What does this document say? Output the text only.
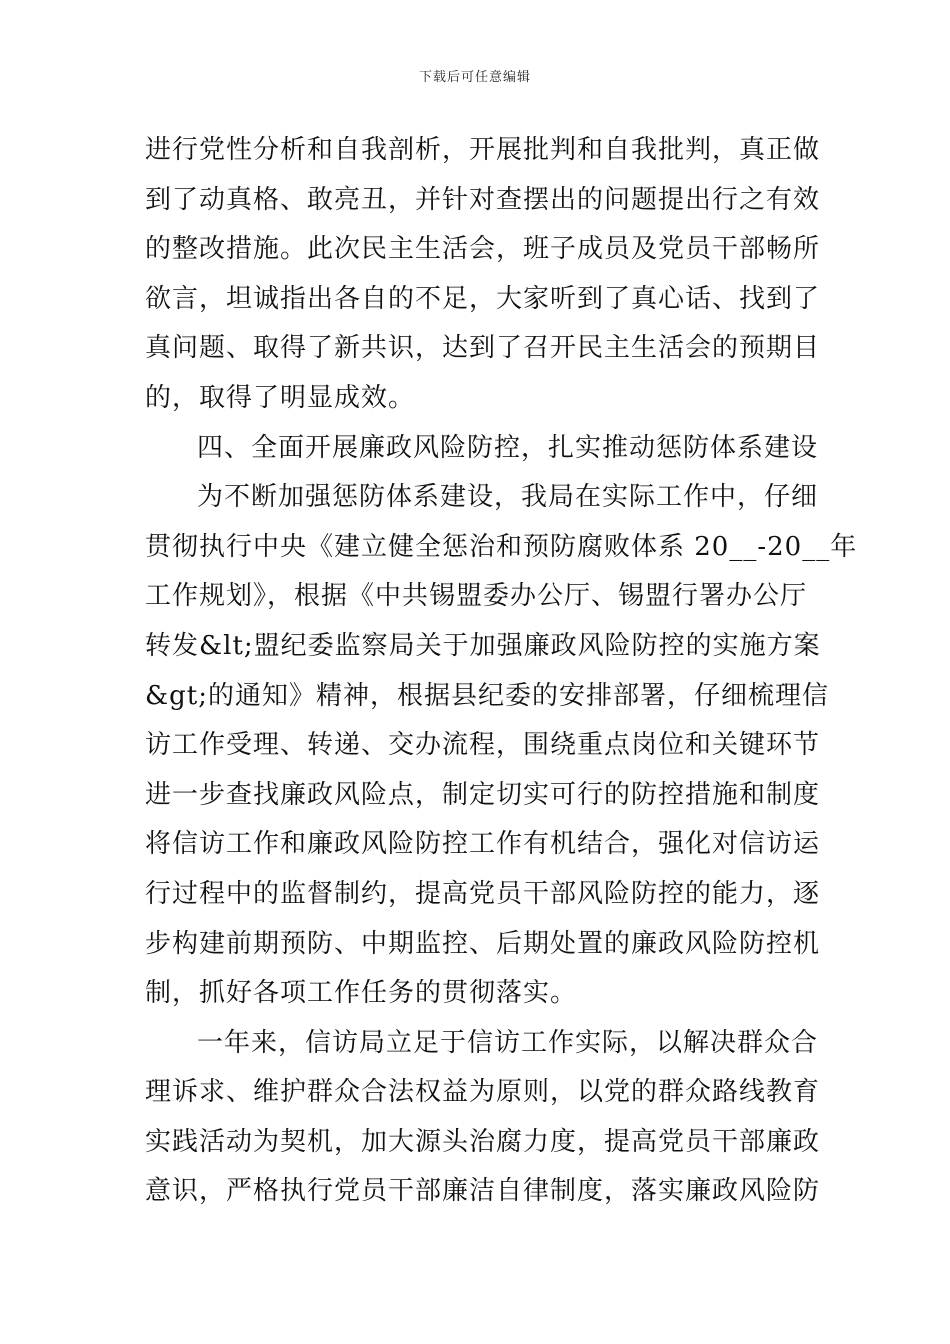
下载后可任意编辑
进行党性分析和自我剖析，开展批判和自我批判，真正做
到了动真格、敢亮丑，并针对查摆出的问题提出行之有效
的整改措施。此次民主生活会，班子成员及党员干部畅所
欲言，坦诚指出各自的不足，大家听到了真心话、找到了
真问题、取得了新共识，达到了召开民主生活会的预期目
的，取得了明显成效。
四、全面开展廉政风险防控，扎实推动惩防体系建设
为不断加强惩防体系建设，我局在实际工作中，仔细
贯彻执行中央《建立健全惩治和预防腐败体系 20__-20__年
工作规划》，根据《中共锡盟委办公厅、锡盟行署办公厅
转发&lt;盟纪委监察局关于加强廉政风险防控的实施方案
&gt;的通知》精神，根据县纪委的安排部署，仔细梳理信
访工作受理、转递、交办流程，围绕重点岗位和关键环节
进一步查找廉政风险点，制定切实可行的防控措施和制度
将信访工作和廉政风险防控工作有机结合，强化对信访运
行过程中的监督制约，提高党员干部风险防控的能力，逐
步构建前期预防、中期监控、后期处置的廉政风险防控机
制，抓好各项工作任务的贯彻落实。
一年来，信访局立足于信访工作实际，以解决群众合
理诉求、维护群众合法权益为原则，以党的群众路线教育
实践活动为契机，加大源头治腐力度，提高党员干部廉政
意识，严格执行党员干部廉洁自律制度，落实廉政风险防
